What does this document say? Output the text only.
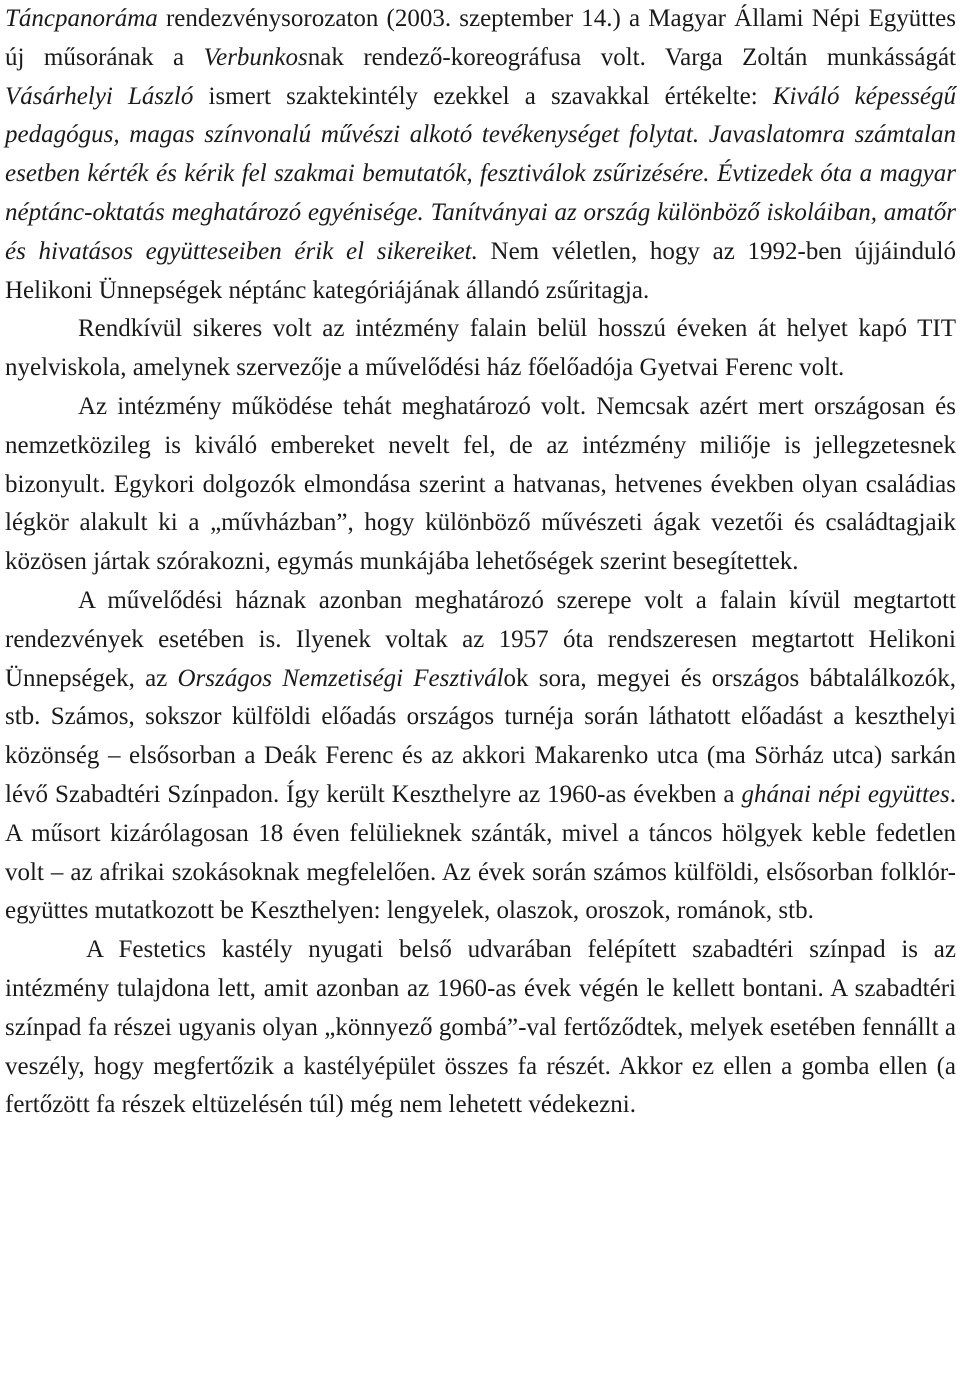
Táncpanoráma rendezvénysorozaton (2003. szeptember 14.) a Magyar Állami Népi Együttes új műsorának a Verbunkosnak rendező-koreográfusa volt. Varga Zoltán munkásságát Vásárhelyi László ismert szaktekintély ezekkel a szavakkal értékelte: Kiváló képességű pedagógus, magas színvonalú művészi alkotó tevékenységet folytat. Javaslatomra számtalan esetben kérték és kérik fel szakmai bemutatók, fesztiválok zsűrizésére. Évtizedek óta a magyar néptánc-oktatás meghatározó egyénisége. Tanítványai az ország különböző iskoláiban, amatőr és hivatásos együtteseiben érik el sikereiket. Nem véletlen, hogy az 1992-ben újjáinduló Helikoni Ünnepségek néptánc kategóriájának állandó zsűritagja.

Rendkívül sikeres volt az intézmény falain belül hosszú éveken át helyet kapó TIT nyelviskola, amelynek szervezője a művelődési ház főelőadója Gyetvai Ferenc volt.

Az intézmény működése tehát meghatározó volt. Nemcsak azért mert országosan és nemzetközileg is kiváló embereket nevelt fel, de az intézmény miliője is jellegzetesnek bizonyult. Egykori dolgozók elmondása szerint a hatvanas, hetvenes években olyan családias légkör alakult ki a „művházban”, hogy különböző művészeti ágak vezetői és családtagjaik közösen jártak szórakozni, egymás munkájába lehetőségek szerint besegítettek.

A művelődési háznak azonban meghatározó szerepe volt a falain kívül megtartott rendezvények esetében is. Ilyenek voltak az 1957 óta rendszeresen megtartott Helikoni Ünnepségek, az Országos Nemzetiségi Fesztiválok sora, megyei és országos bábtalálkozók, stb. Számos, sokszor külföldi előadás országos turnéja során láthatott előadást a keszthelyi közönség – elsősorban a Deák Ferenc és az akkori Makarenko utca (ma Sörház utca) sarkán lévő Szabadtéri Színpadon. Így került Keszthelyre az 1960-as években a ghánai népi együttes. A műsort kizárólagosan 18 éven felülieknek szánták, mivel a táncos hölgyek keble fedetlen volt – az afrikai szokásoknak megfelelően. Az évek során számos külföldi, elsősorban folklór-együttes mutatkozott be Keszthelyen: lengyelek, olaszok, oroszok, románok, stb.

A Festetics kastély nyugati belső udvarában felépített szabadtéri színpad is az intézmény tulajdona lett, amit azonban az 1960-as évek végén le kellett bontani. A szabadtéri színpad fa részei ugyanis olyan „könnyező gombá”-val fertőződtek, melyek esetében fennállt a veszély, hogy megfertőzik a kastélyépület összes fa részét. Akkor ez ellen a gomba ellen (a fertőzött fa részek eltüzelésén túl) még nem lehetett védekezni.
